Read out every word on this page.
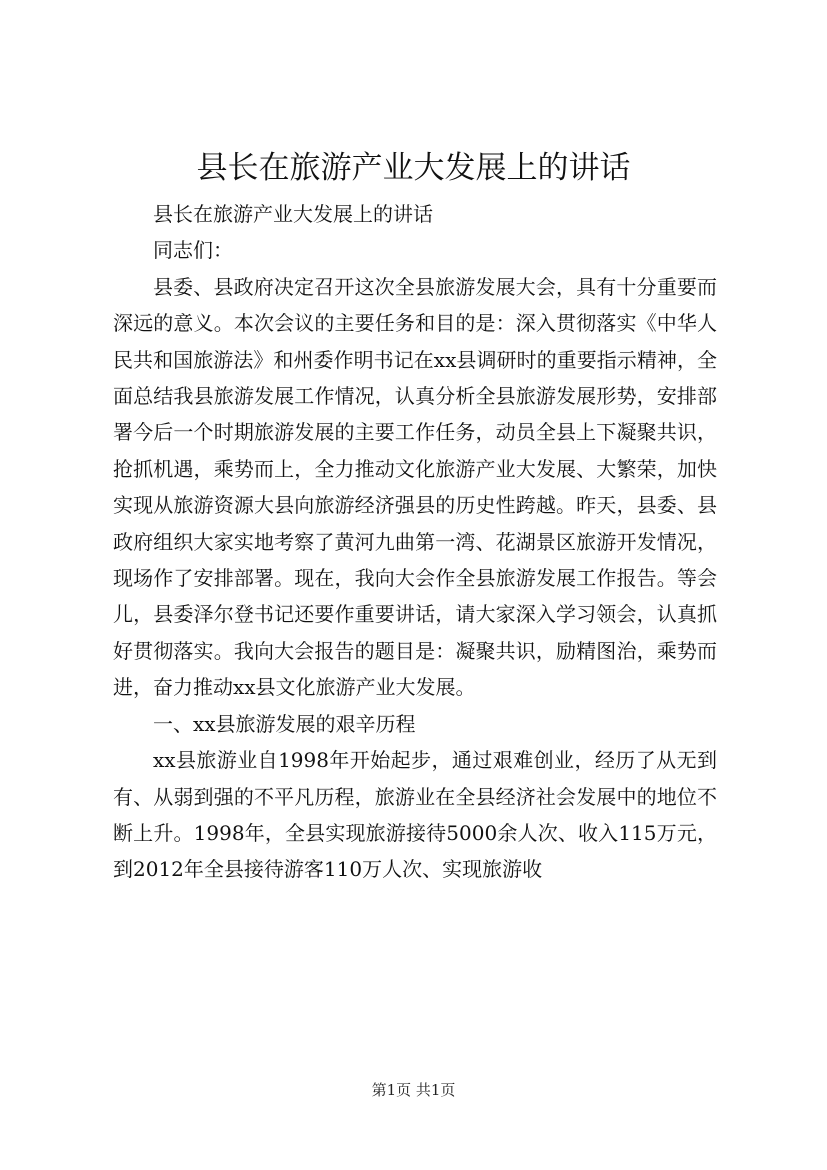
县长在旅游产业大发展上的讲话

县长在旅游产业大发展上的讲话

同志们：

县委、县政府决定召开这次全县旅游发展大会，具有十分重要而深远的意义。本次会议的主要任务和目的是：深入贯彻落实《中华人民共和国旅游法》和州委作明书记在xx县调研时的重要指示精神，全面总结我县旅游发展工作情况，认真分析全县旅游发展形势，安排部署今后一个时期旅游发展的主要工作任务，动员全县上下凝聚共识，抢抓机遇，乘势而上，全力推动文化旅游产业大发展、大繁荣，加快实现从旅游资源大县向旅游经济强县的历史性跨越。昨天，县委、县政府组织大家实地考察了黄河九曲第一湾、花湖景区旅游开发情况，现场作了安排部署。现在，我向大会作全县旅游发展工作报告。等会儿，县委泽尔登书记还要作重要讲话，请大家深入学习领会，认真抓好贯彻落实。我向大会报告的题目是：凝聚共识，励精图治，乘势而进，奋力推动xx县文化旅游产业大发展。

一、xx县旅游发展的艰辛历程

xx县旅游业自1998年开始起步，通过艰难创业，经历了从无到有、从弱到强的不平凡历程，旅游业在全县经济社会发展中的地位不断上升。1998年，全县实现旅游接待5000余人次、收入115万元，到2012年全县接待游客110万人次、实现旅游收

第1页 共1页
